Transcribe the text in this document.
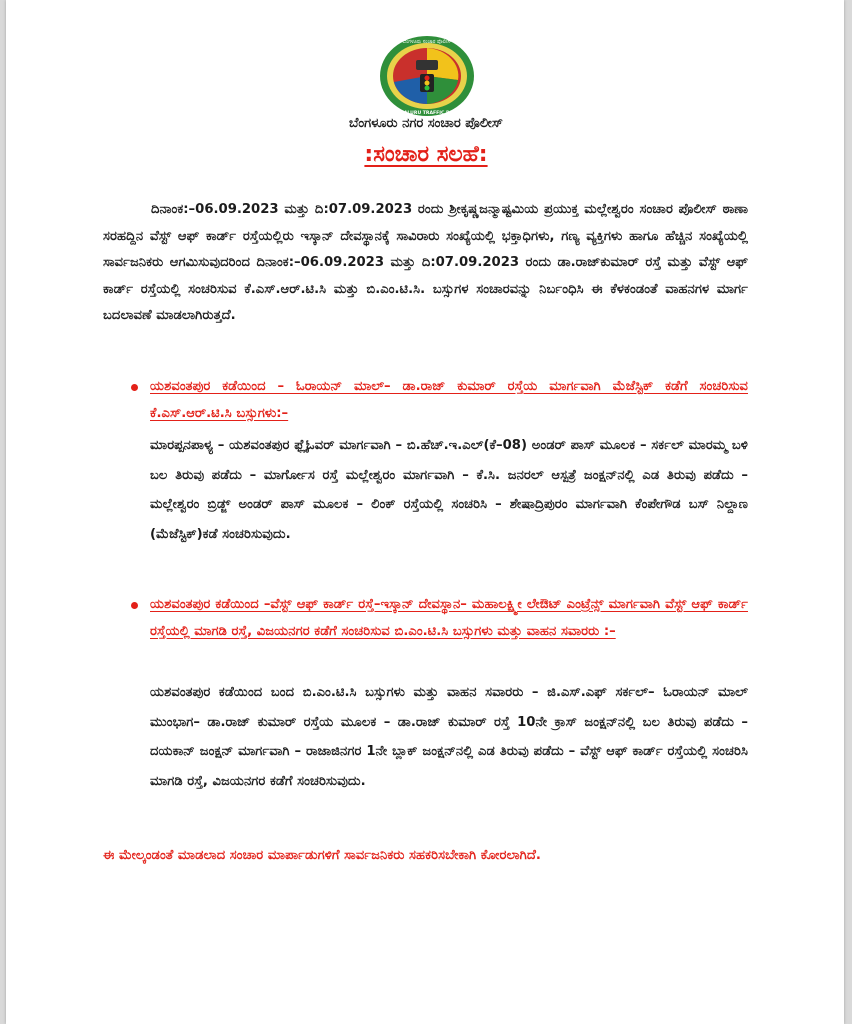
ಬೆಂಗಳೂರು ಸಂಚಾರ ಪೊಲೀಸ್
BENGALURU TRAFFIC POLICE
ಬೆಂಗಳೂರು ನಗರ ಸಂಚಾರ ಪೊಲೀಸ್
:ಸಂಚಾರ ಸಲಹೆ:

ದಿನಾಂಕ:–06.09.2023 ಮತ್ತು ದಿ:07.09.2023 ರಂದು ಶ್ರೀಕೃಷ್ಣಜನ್ಮಾಷ್ಟಮಿಯ ಪ್ರಯುಕ್ತ ಮಲ್ಲೇಶ್ವರಂ ಸಂಚಾರ ಪೊಲೀಸ್ ಠಾಣಾ ಸರಹದ್ದಿನ ವೆಸ್ಟ್ ಆಫ್ ಕಾರ್ಡ್ ರಸ್ತೆಯಲ್ಲಿರು ಇಸ್ಕಾನ್ ದೇವಸ್ಥಾನಕ್ಕೆ ಸಾವಿರಾರು ಸಂಖ್ಯೆಯಲ್ಲಿ ಭಕ್ತಾಧಿಗಳು, ಗಣ್ಯ ವ್ಯಕ್ತಿಗಳು ಹಾಗೂ ಹೆಚ್ಚಿನ ಸಂಖ್ಯೆಯಲ್ಲಿ ಸಾರ್ವಜನಿಕರು ಆಗಮಿಸುವುದರಿಂದ ದಿನಾಂಕ:–06.09.2023 ಮತ್ತು ದಿ:07.09.2023 ರಂದು ಡಾ.ರಾಜ್‌ಕುಮಾರ್ ರಸ್ತೆ ಮತ್ತು ವೆಸ್ಟ್ ಆಫ್ ಕಾರ್ಡ್ ರಸ್ತೆಯಲ್ಲಿ ಸಂಚರಿಸುವ ಕೆ.ಎಸ್.ಆರ್.ಟಿ.ಸಿ ಮತ್ತು ಬಿ.ಎಂ.ಟಿ.ಸಿ. ಬಸ್ಸುಗಳ ಸಂಚಾರವನ್ನು ನಿರ್ಬಂಧಿಸಿ ಈ ಕೆಳಕಂಡಂತೆ ವಾಹನಗಳ ಮಾರ್ಗ ಬದಲಾವಣೆ ಮಾಡಲಾಗಿರುತ್ತದೆ.

ಯಶವಂತಪುರ ಕಡೆಯಿಂದ – ಓರಾಯನ್ ಮಾಲ್– ಡಾ.ರಾಜ್ ಕುಮಾರ್ ರಸ್ತೆಯ ಮಾರ್ಗವಾಗಿ ಮೆಜೆಸ್ಟಿಕ್ ಕಡೆಗೆ ಸಂಚರಿಸುವ ಕೆ.ಎಸ್.ಆರ್.ಟಿ.ಸಿ ಬಸ್ಸುಗಳು:–

ಮಾರಪ್ಪನಪಾಳ್ಯ – ಯಶವಂತಪುರ ಫ್ಲೈಓವರ್ ಮಾರ್ಗವಾಗಿ – ಬಿ.ಹೆಚ್.ಇ.ಎಲ್(ಕೆ–08) ಅಂಡರ್ ಪಾಸ್ ಮೂಲಕ – ಸರ್ಕಲ್ ಮಾರಮ್ಮ ಬಳಿ ಬಲ ತಿರುವು ಪಡೆದು – ಮಾರ್ಗೋಸ ರಸ್ತೆ ಮಲ್ಲೇಶ್ವರಂ ಮಾರ್ಗವಾಗಿ – ಕೆ.ಸಿ. ಜನರಲ್ ಆಸ್ಪತ್ರೆ ಜಂಕ್ಷನ್‌ನಲ್ಲಿ ಎಡ ತಿರುವು ಪಡೆದು – ಮಲ್ಲೇಶ್ವರಂ ಬ್ರಿಡ್ಜ್ ಅಂಡರ್ ಪಾಸ್ ಮೂಲಕ – ಲಿಂಕ್ ರಸ್ತೆಯಲ್ಲಿ ಸಂಚರಿಸಿ – ಶೇಷಾದ್ರಿಪುರಂ ಮಾರ್ಗವಾಗಿ ಕೆಂಪೇಗೌಡ ಬಸ್ ನಿಲ್ದಾಣ (ಮೆಜೆಸ್ಟಿಕ್)ಕಡೆ ಸಂಚರಿಸುವುದು.

ಯಶವಂತಪುರ ಕಡೆಯಿಂದ –ವೆಸ್ಟ್ ಆಫ್ ಕಾರ್ಡ್ ರಸ್ತೆ–ಇಸ್ಕಾನ್ ದೇವಸ್ಥಾನ– ಮಹಾಲಕ್ಷ್ಮೀ ಲೇಔಟ್ ಎಂಟ್ರೆನ್ಸ್ ಮಾರ್ಗವಾಗಿ ವೆಸ್ಟ್ ಆಫ್ ಕಾರ್ಡ್ ರಸ್ತೆಯಲ್ಲಿ ಮಾಗಡಿ ರಸ್ತೆ, ವಿಜಯನಗರ ಕಡೆಗೆ ಸಂಚರಿಸುವ ಬಿ.ಎಂ.ಟಿ.ಸಿ ಬಸ್ಸುಗಳು ಮತ್ತು ವಾಹನ ಸವಾರರು :–

ಯಶವಂತಪುರ ಕಡೆಯಿಂದ ಬಂದ ಬಿ.ಎಂ.ಟಿ.ಸಿ ಬಸ್ಸುಗಳು ಮತ್ತು ವಾಹನ ಸವಾರರು – ಜಿ.ಎಸ್.ಎಫ್ ಸರ್ಕಲ್– ಓರಾಯನ್ ಮಾಲ್ ಮುಂಭಾಗ– ಡಾ.ರಾಜ್ ಕುಮಾರ್ ರಸ್ತೆಯ ಮೂಲಕ – ಡಾ.ರಾಜ್ ಕುಮಾರ್ ರಸ್ತೆ 10ನೇ ಕ್ರಾಸ್ ಜಂಕ್ಷನ್‌ನಲ್ಲಿ ಬಲ ತಿರುವು ಪಡೆದು – ದಯಕಾನ್ ಜಂಕ್ಷನ್ ಮಾರ್ಗವಾಗಿ – ರಾಜಾಜಿನಗರ 1ನೇ ಬ್ಲಾಕ್ ಜಂಕ್ಷನ್‌ನಲ್ಲಿ ಎಡ ತಿರುವು ಪಡೆದು – ವೆಸ್ಟ್ ಆಫ್ ಕಾರ್ಡ್ ರಸ್ತೆಯಲ್ಲಿ ಸಂಚರಿಸಿ ಮಾಗಡಿ ರಸ್ತೆ, ವಿಜಯನಗರ ಕಡೆಗೆ ಸಂಚರಿಸುವುದು.

ಈ ಮೇಲ್ಕಂಡಂತೆ ಮಾಡಲಾದ ಸಂಚಾರ ಮಾರ್ಪಾಡುಗಳಿಗೆ ಸಾರ್ವಜನಿಕರು ಸಹಕರಿಸಬೇಕಾಗಿ ಕೋರಲಾಗಿದೆ.
